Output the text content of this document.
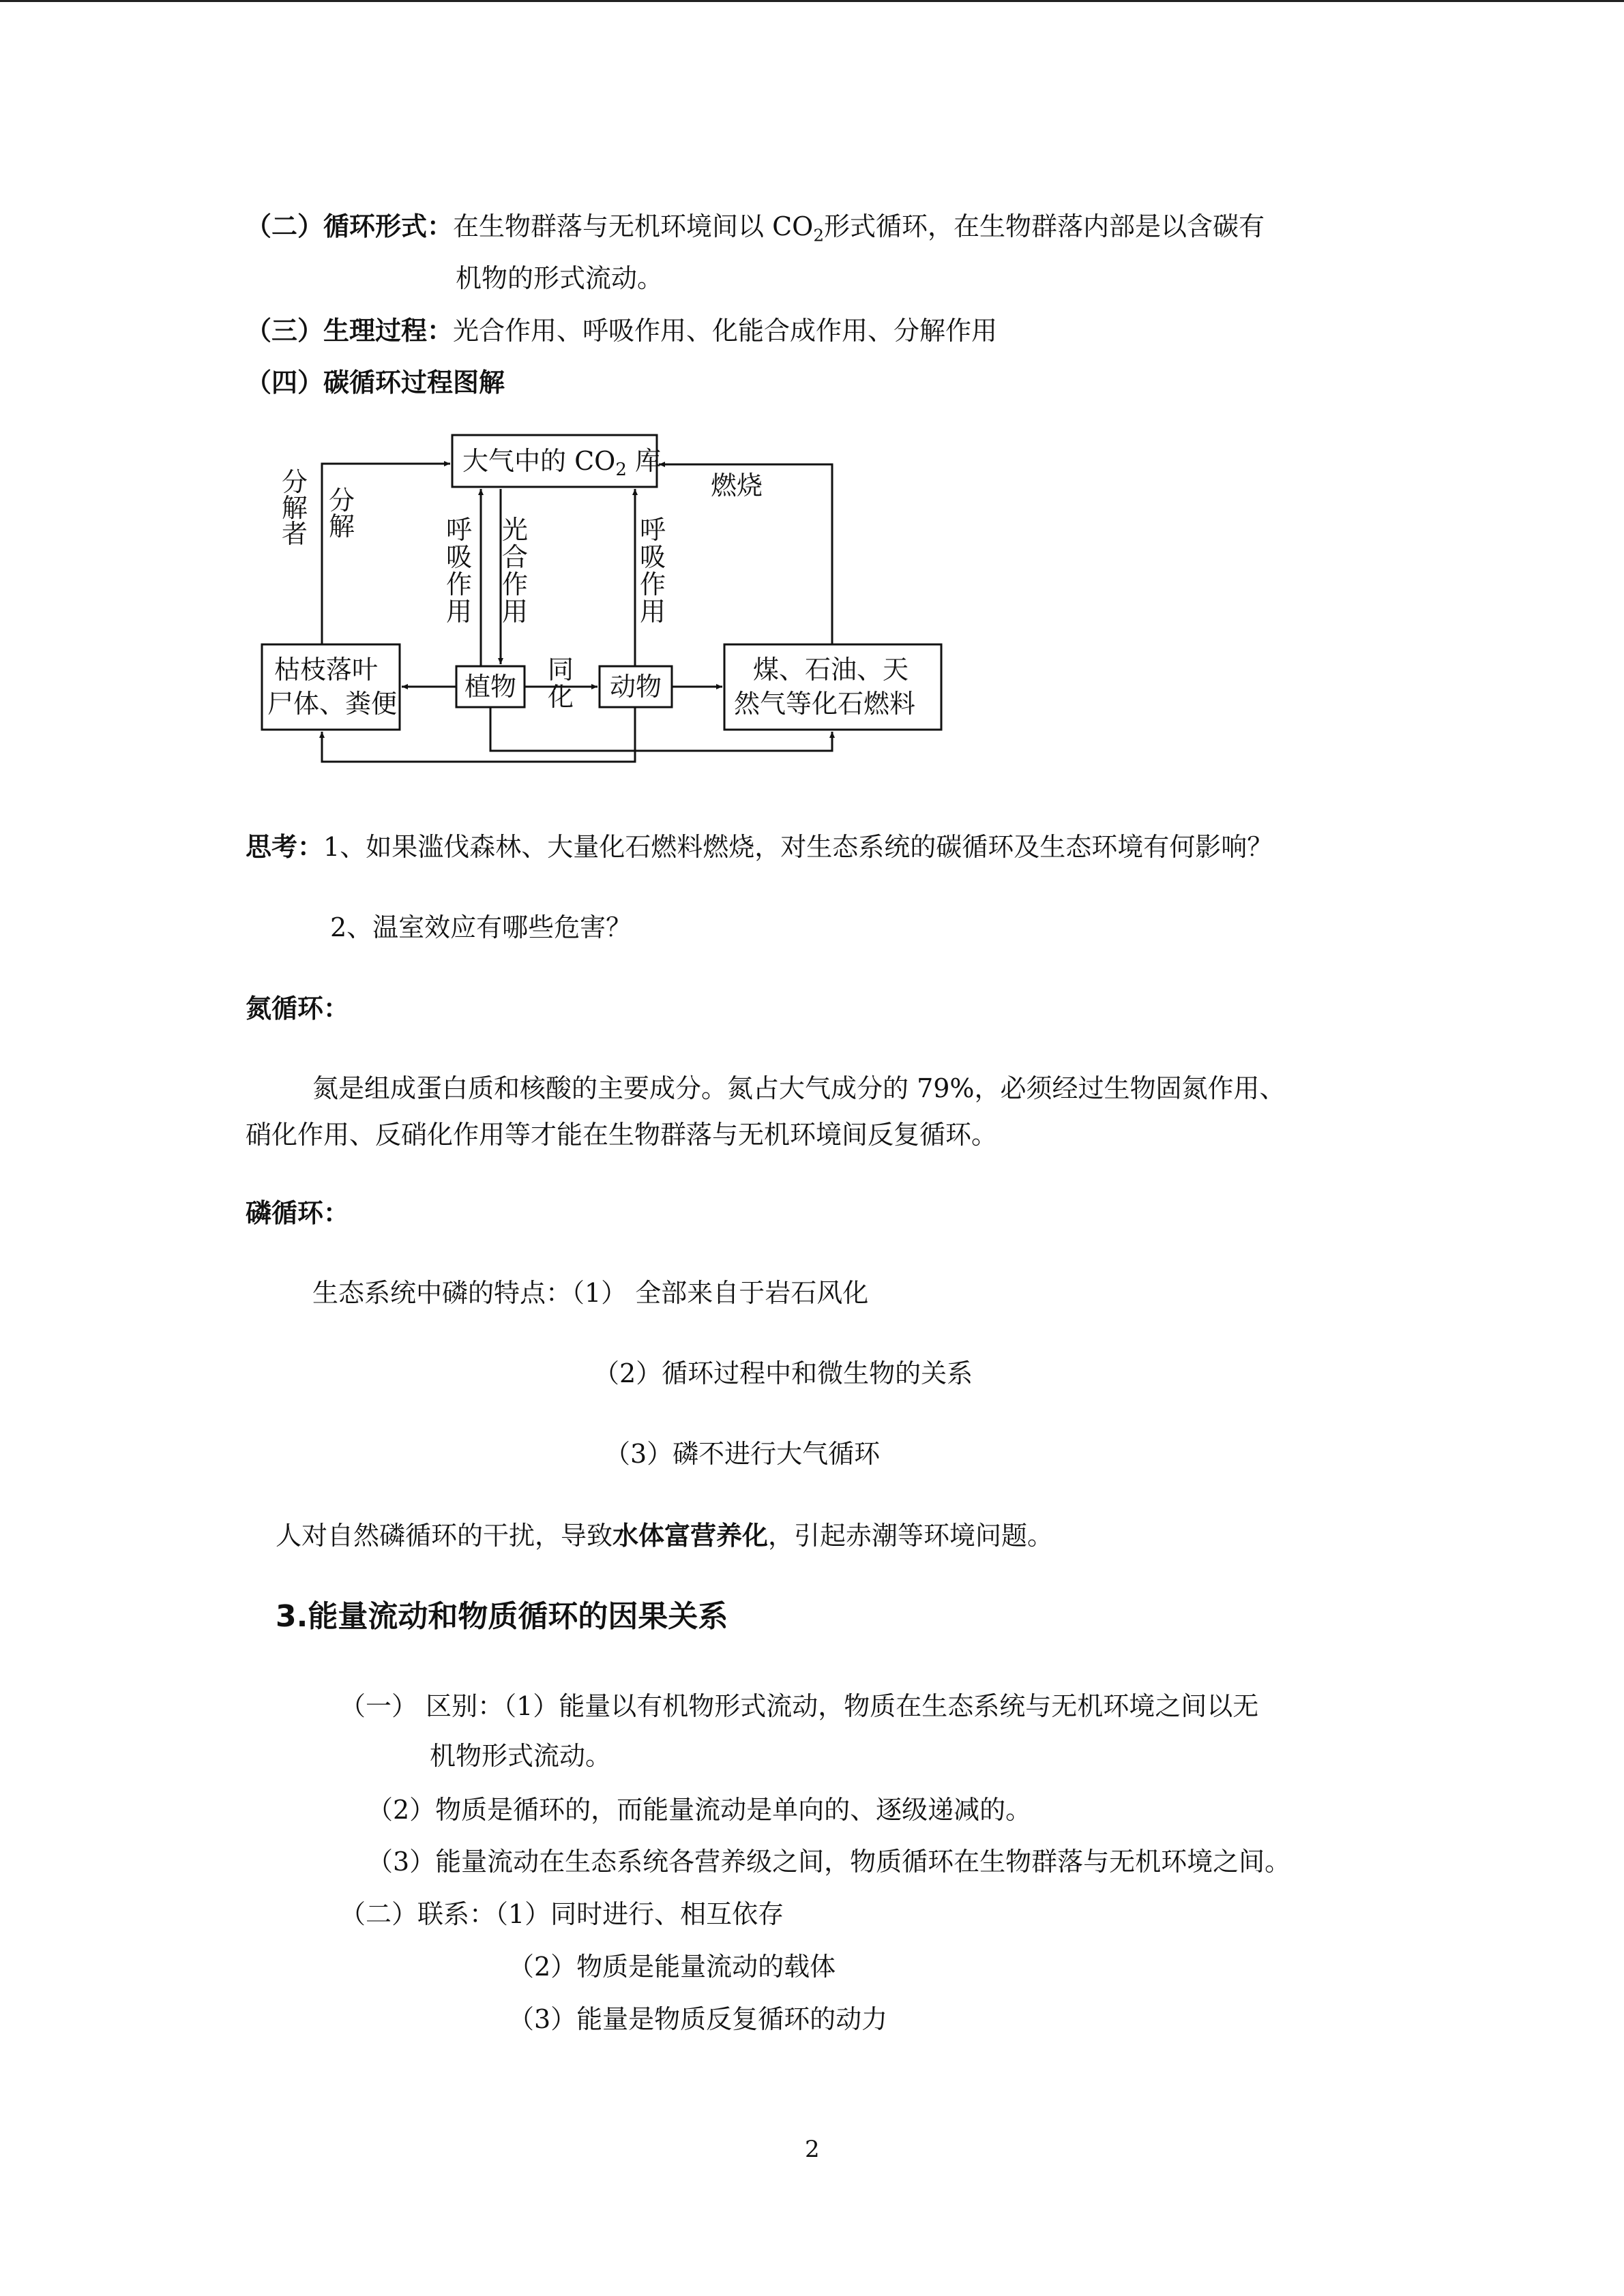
（二）循环形式：在生物群落与无机环境间以 $CO_2$形式循环，在生物群落内部是以含碳有
机物的形式流动。
（三）生理过程：光合作用、呼吸作用、化能合成作用、分解作用
（四）碳循环过程图解
大气中的 $CO_2$ 库
分
解
者
分
解	呼
吸
作
用
光
合
作
用
呼
吸
作
用
燃烧
枯枝落叶
尸体、粪便
植物	动物
同
化
煤、石油、天
然气等化石燃料
思考：1、如果滥伐森林、大量化石燃料燃烧，对生态系统的碳循环及生态环境有何影响？
2、温室效应有哪些危害？
氮循环：
氮是组成蛋白质和核酸的主要成分。氮占大气成分的 79%，必须经过生物固氮作用、
硝化作用、反硝化作用等才能在生物群落与无机环境间反复循环。
磷循环：
生态系统中磷的特点：（1） 全部来自于岩石风化
（2）循环过程中和微生物的关系
（3）磷不进行大气循环
人对自然磷循环的干扰，导致水体富营养化，引起赤潮等环境问题。
3.能量流动和物质循环的因果关系
（一） 区别：（1）能量以有机物形式流动，物质在生态系统与无机环境之间以无
机物形式流动。
（2）物质是循环的，而能量流动是单向的、逐级递减的。
（3）能量流动在生态系统各营养级之间，物质循环在生物群落与无机环境之间。
（二）联系：（1）同时进行、相互依存
（2）物质是能量流动的载体
（3）能量是物质反复循环的动力
2
